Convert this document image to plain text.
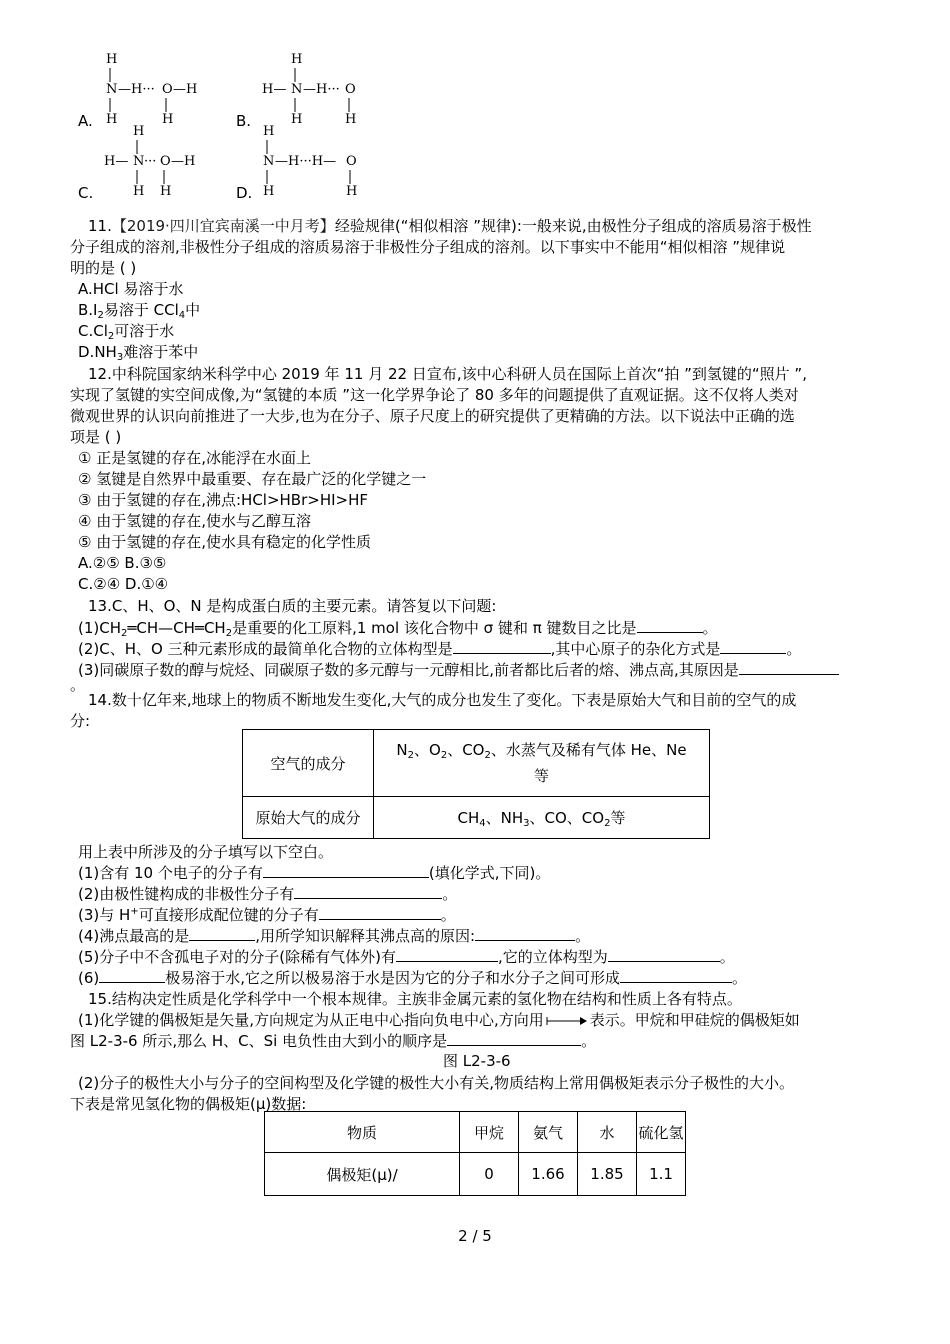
A.
H
N —H··· O —H
H	H	B.
H
H— N —H··· O
H	H
C.
H
H— N ··· O —H
H H	D.
H
N —H···H— O
H	H
11.【2019·四川宜宾南溪一中月考】经验规律(“相似相溶 ”规律):一般来说,由极性分子组成的溶质易溶于极性
分子组成的溶剂,非极性分子组成的溶质易溶于非极性分子组成的溶剂。以下事实中不能用“相似相溶 ”规律说
明的是 ( )
A.HCl 易溶于水
$B.I_2$易溶于 CCl$_4$中
$C.Cl_2$可溶于水
$D.NH_3$难溶于苯中
12.中科院国家纳米科学中心 2019 年 11 月 22 日宣布,该中心科研人员在国际上首次“拍 ”到氢键的“照片 ”,
实现了氢键的实空间成像,为“氢键的本质 ”这一化学界争论了 80 多年的问题提供了直观证据。这不仅将人类对
微观世界的认识向前推进了一大步,也为在分子、原子尺度上的研究提供了更精确的方法。以下说法中正确的选
项是 ( )
① 正是氢键的存在,冰能浮在水面上
② 氢键是自然界中最重要、存在最广泛的化学键之一
③ 由于氢键的存在,沸点:HCl>HBr>HI>HF
④ 由于氢键的存在,使水与乙醇互溶
⑤ 由于氢键的存在,使水具有稳定的化学性质
A.②⑤ B.③⑤
C.②④ D.①④
13.C、H、O、N 是构成蛋白质的主要元素。请答复以下问题:
$(1)CH_2═CH—CH═CH_2$是重要的化工原料,1 mol 该化合物中 σ 键和 π 键数目之比是	。
(2)C、H、O 三种元素形成的最简单化合物的立体构型是	,其中心原子的杂化方式是	。
(3)同碳原子数的醇与烷烃、同碳原子数的多元醇与一元醇相比,前者都比后者的熔、沸点高,其原因是
。
14.数十亿年来,地球上的物质不断地发生变化,大气的成分也发生了变化。下表是原始大气和目前的空气的成
分:
空气的成分	$N_2$、$O_2$、$CO_2$、水蒸气及稀有气体 He、Ne
等
原始大气的成分	$CH_4$、$NH_3$、CO、$CO_2$等
用上表中所涉及的分子填写以下空白。
(1)含有 10 个电子的分子有	(填化学式,下同)。
(2)由极性键构成的非极性分子有	。
(3)与 H+可直接形成配位键的分子有	。
(4)沸点最高的是	,用所学知识解释其沸点高的原因:	。
(5)分子中不含孤电子对的分子(除稀有气体外)有	,它的立体构型为	。
(6)	极易溶于水,它之所以极易溶于水是因为它的分子和水分子之间可形成	。
15.结构决定性质是化学科学中一个根本规律。主族非金属元素的氢化物在结构和性质上各有特点。
(1)化学键的偶极矩是矢量,方向规定为从正电中心指向负电中心,方向用	表示。甲烷和甲硅烷的偶极矩如
图 L2-3-6 所示,那么 H、C、Si 电负性由大到小的顺序是	。
图 L2-3-6
(2)分子的极性大小与分子的空间构型及化学键的极性大小有关,物质结构上常用偶极矩表示分子极性的大小。
下表是常见氢化物的偶极矩(μ)数据:
物质	甲烷	氨气	水	硫化氢
偶极矩(μ)/	0	1.66	1.85	1.1
2 / 5
